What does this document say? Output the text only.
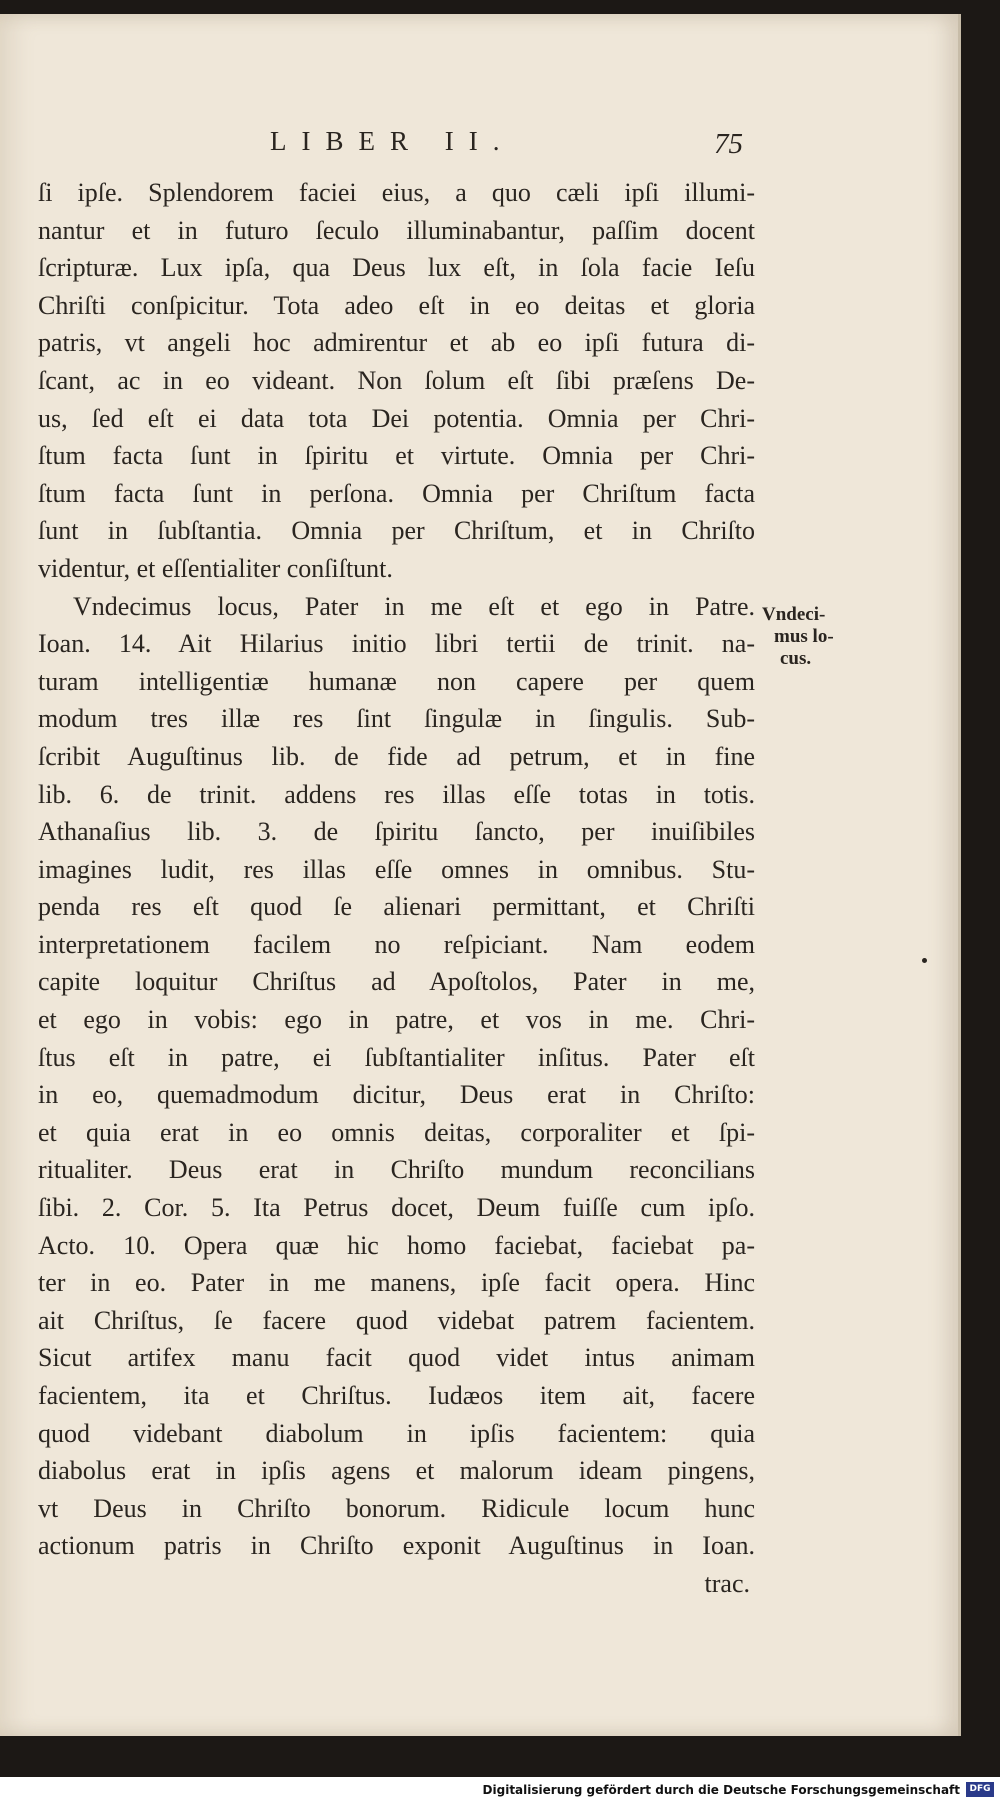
LIBER II.	75
ſi ipſe. Splendorem faciei eius, a quo cæli ipſi illumi-
nantur et in futuro ſeculo illuminabantur, paſſim docent
ſcripturæ. Lux ipſa, qua Deus lux eſt, in ſola facie Ieſu
Chriſti conſpicitur. Tota adeo eſt in eo deitas et gloria
patris, vt angeli hoc admirentur et ab eo ipſi futura di-
ſcant, ac in eo videant. Non ſolum eſt ſibi præſens De-
us, ſed eſt ei data tota Dei potentia. Omnia per Chri-
ſtum facta ſunt in ſpiritu et virtute. Omnia per Chri-
ſtum facta ſunt in perſona. Omnia per Chriſtum facta
ſunt in ſubſtantia. Omnia per Chriſtum, et in Chriſto
videntur, et eſſentialiter conſiſtunt.
Vndecimus locus, Pater in me eſt et ego in Patre.
Ioan. 14. Ait Hilarius initio libri tertii de trinit. na-
turam intelligentiæ humanæ non capere per quem
modum tres illæ res ſint ſingulæ in ſingulis. Sub-
ſcribit Auguſtinus lib. de fide ad petrum, et in fine
lib. 6. de trinit. addens res illas eſſe totas in totis.
Athanaſius lib. 3. de ſpiritu ſancto, per inuiſibiles
imagines ludit, res illas eſſe omnes in omnibus. Stu-
penda res eſt quod ſe alienari permittant, et Chriſti
interpretationem facilem no reſpiciant. Nam eodem
capite loquitur Chriſtus ad Apoſtolos, Pater in me,
et ego in vobis: ego in patre, et vos in me. Chri-
ſtus eſt in patre, ei ſubſtantialiter inſitus. Pater eſt
in eo, quemadmodum dicitur, Deus erat in Chriſto:
et quia erat in eo omnis deitas, corporaliter et ſpi-
ritualiter. Deus erat in Chriſto mundum reconcilians
ſibi. 2. Cor. 5. Ita Petrus docet, Deum fuiſſe cum ipſo.
Acto. 10. Opera quæ hic homo faciebat, faciebat pa-
ter in eo. Pater in me manens, ipſe facit opera. Hinc
ait Chriſtus, ſe facere quod videbat patrem facientem.
Sicut artifex manu facit quod videt intus animam
facientem, ita et Chriſtus. Iudæos item ait, facere
quod videbant diabolum in ipſis facientem: quia
diabolus erat in ipſis agens et malorum ideam pingens,
vt Deus in Chriſto bonorum. Ridicule locum hunc
actionum patris in Chriſto exponit Auguſtinus in Ioan.
trac.
Vndeci-
mus lo-
cus.
Digitalisierung gefördert durch die Deutsche Forschungsgemeinschaft	DFG
